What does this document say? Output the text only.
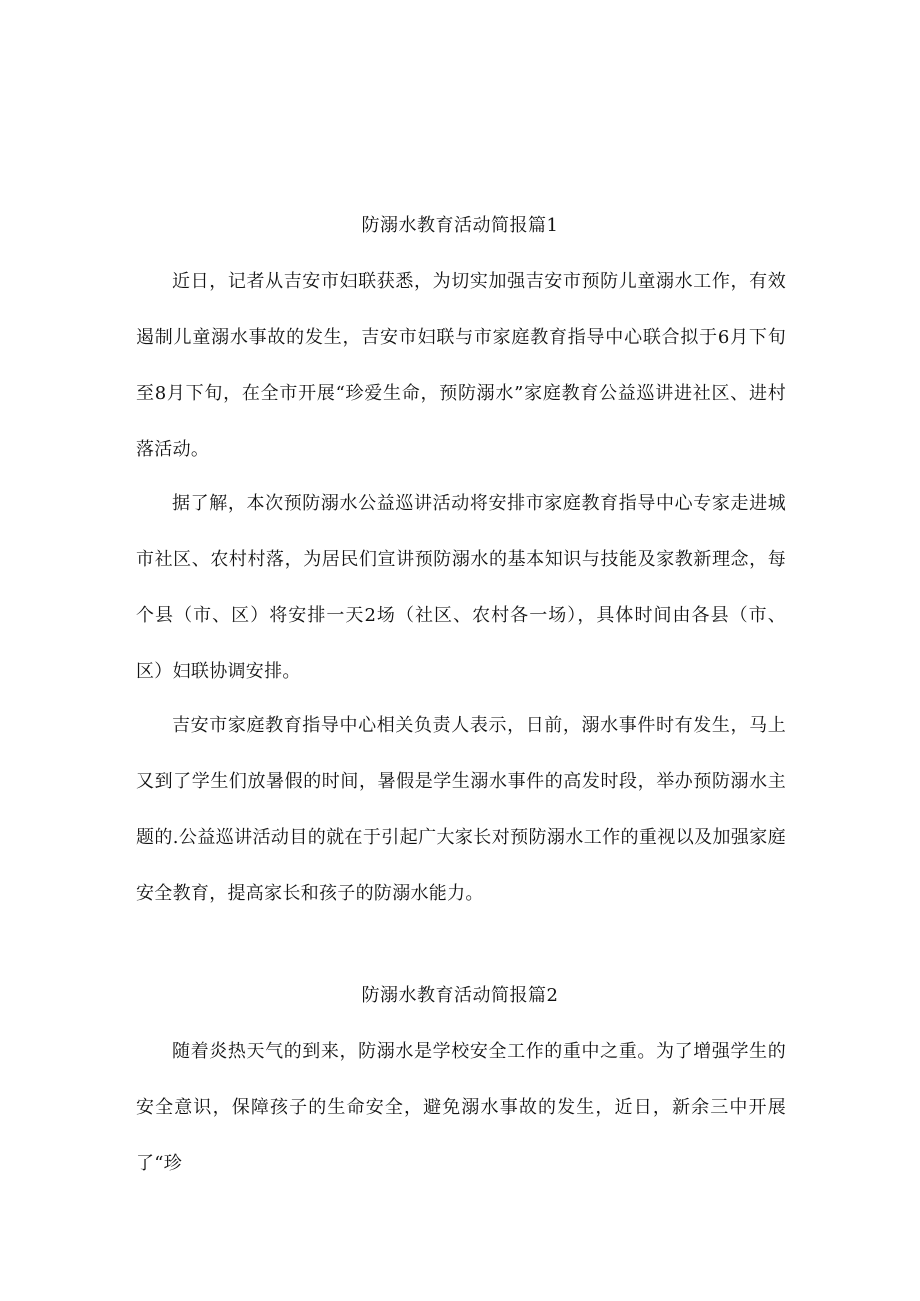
防溺水教育活动简报篇1

近日，记者从吉安市妇联获悉，为切实加强吉安市预防儿童溺水工作，有效遏制儿童溺水事故的发生，吉安市妇联与市家庭教育指导中心联合拟于6月下旬至8月下旬，在全市开展“珍爱生命，预防溺水”家庭教育公益巡讲进社区、进村落活动。

据了解，本次预防溺水公益巡讲活动将安排市家庭教育指导中心专家走进城市社区、农村村落，为居民们宣讲预防溺水的基本知识与技能及家教新理念，每个县（市、区）将安排一天2场（社区、农村各一场），具体时间由各县（市、区）妇联协调安排。

吉安市家庭教育指导中心相关负责人表示，日前，溺水事件时有发生，马上又到了学生们放暑假的时间，暑假是学生溺水事件的高发时段，举办预防溺水主题的.公益巡讲活动目的就在于引起广大家长对预防溺水工作的重视以及加强家庭安全教育，提高家长和孩子的防溺水能力。

防溺水教育活动简报篇2

随着炎热天气的到来，防溺水是学校安全工作的重中之重。为了增强学生的安全意识，保障孩子的生命安全，避免溺水事故的发生，近日，新余三中开展了“珍
